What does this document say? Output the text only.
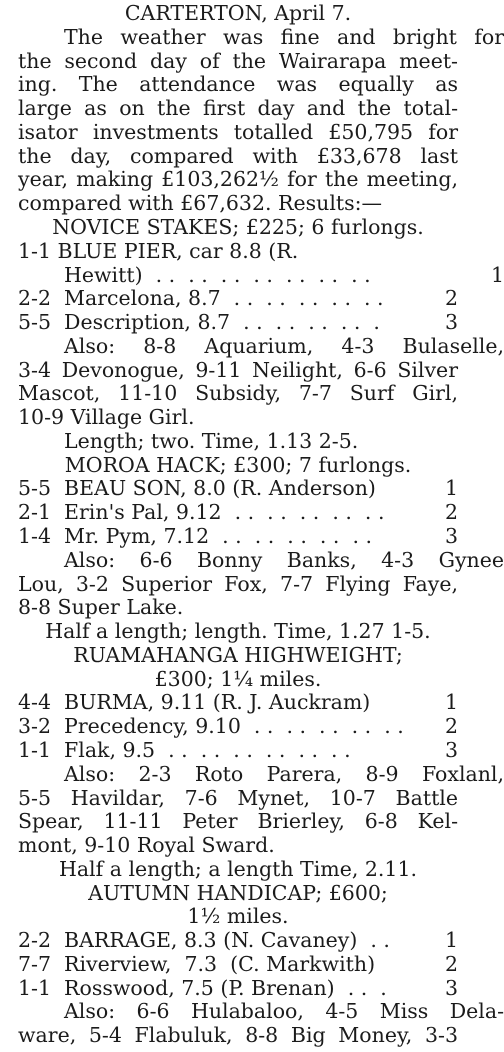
CARTERTON, April 7.
The weather was fine and bright for
the second day of the Wairarapa meet-
ing. The attendance was equally as
large as on the first day and the total-
isator investments totalled £50,795 for
the day, compared with £33,678 last
year, making £103,262½ for the meeting,
compared with £67,632. Results:—
NOVICE STAKES; £225; 6 furlongs.
1-1 BLUE PIER, car 8.8 (R.
Hewitt)  . .  . .  . .  . .  . .  . .  . .	1
2-2  Marcelona, 8.7  . .  . .  . .  . .  . .	2
5-5  Description, 8.7  . .  . .  . .  . .  .	3
Also: 8-8 Aquarium, 4-3 Bulaselle,
3-4 Devonogue, 9-11 Neilight, 6-6 Silver
Mascot, 11-10 Subsidy, 7-7 Surf Girl,
10-9 Village Girl.
Length; two. Time, 1.13 2-5.
MOROA HACK; £300; 7 furlongs.
5-5  BEAU SON, 8.0 (R. Anderson)	1
2-1  Erin's Pal, 9.12  . .  . .  . .  . .  . .	2
1-4  Mr. Pym, 7.12  . .  . .  . .  . .  . .	3
Also: 6-6 Bonny Banks, 4-3 Gynee
Lou, 3-2 Superior Fox, 7-7 Flying Faye,
8-8 Super Lake.
Half a length; length. Time, 1.27 1-5.
RUAMAHANGA HIGHWEIGHT;
£300; 1¼ miles.
4-4  BURMA, 9.11 (R. J. Auckram)	1
3-2  Precedency, 9.10  . .  . .  . .  . .  . .	2
1-1  Flak, 9.5  . .  . .  . .  . .  . .  . .	3
Also: 2-3 Roto Parera, 8-9 Foxlanl,
5-5 Havildar, 7-6 Mynet, 10-7 Battle
Spear, 11-11 Peter Brierley, 6-8 Kel-
mont, 9-10 Royal Sward.
Half a length; a length Time, 2.11.
AUTUMN HANDICAP; £600;
1½ miles.
2-2  BARRAGE, 8.3 (N. Cavaney)  . .	1
7-7  Riverview,  7.3  (C. Markwith)	2
1-1  Rosswood, 7.5 (P. Brenan)  . .  .	3
Also: 6-6 Hulabaloo, 4-5 Miss Dela-
ware, 5-4 Flabuluk, 8-8 Big Money, 3-3
